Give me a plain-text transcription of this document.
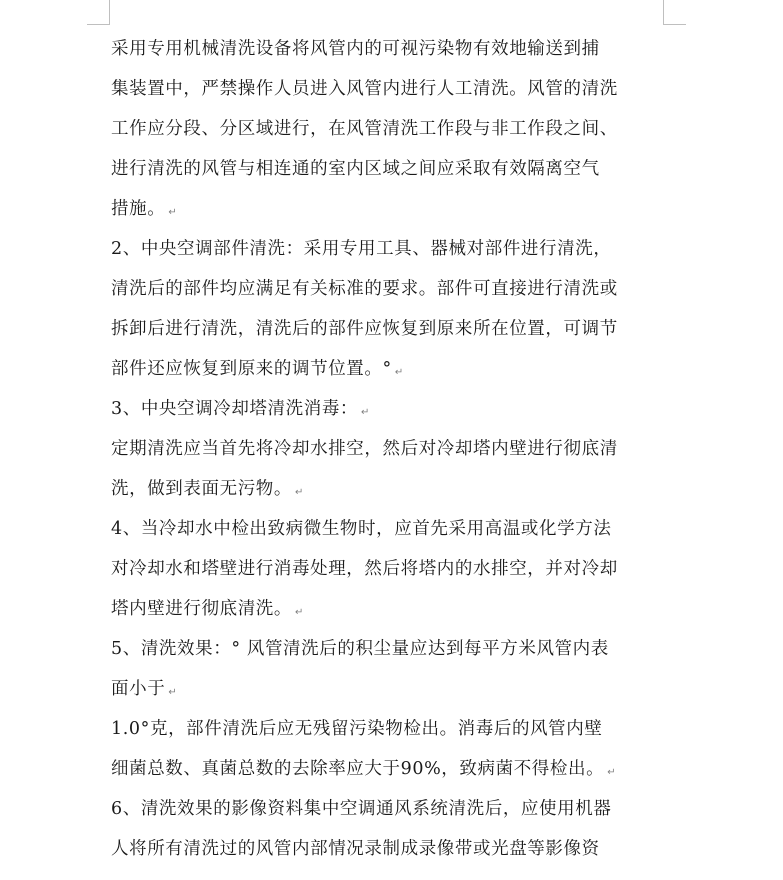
采用专用机械清洗设备将风管内的可视污染物有效地输送到捕
集装置中，严禁操作人员进入风管内进行人工清洗。风管的清洗
工作应分段、分区域进行，在风管清洗工作段与非工作段之间、
进行清洗的风管与相连通的室内区域之间应采取有效隔离空气
措施。 ↵
2、中央空调部件清洗：采用专用工具、器械对部件进行清洗，
清洗后的部件均应满足有关标准的要求。部件可直接进行清洗或
拆卸后进行清洗，清洗后的部件应恢复到原来所在位置，可调节
部件还应恢复到原来的调节位置。° ↵
3、中央空调冷却塔清洗消毒： ↵
定期清洗应当首先将冷却水排空，然后对冷却塔内壁进行彻底清
洗，做到表面无污物。 ↵
4、当冷却水中检出致病微生物时，应首先采用高温或化学方法
对冷却水和塔壁进行消毒处理，然后将塔内的水排空，并对冷却
塔内壁进行彻底清洗。 ↵
5、清洗效果：° 风管清洗后的积尘量应达到每平方米风管内表
面小于 ↵
1.0°克，部件清洗后应无残留污染物检出。消毒后的风管内壁
细菌总数、真菌总数的去除率应大于90%，致病菌不得检出。 ↵
6、清洗效果的影像资料集中空调通风系统清洗后，应使用机器
人将所有清洗过的风管内部情况录制成录像带或光盘等影像资
